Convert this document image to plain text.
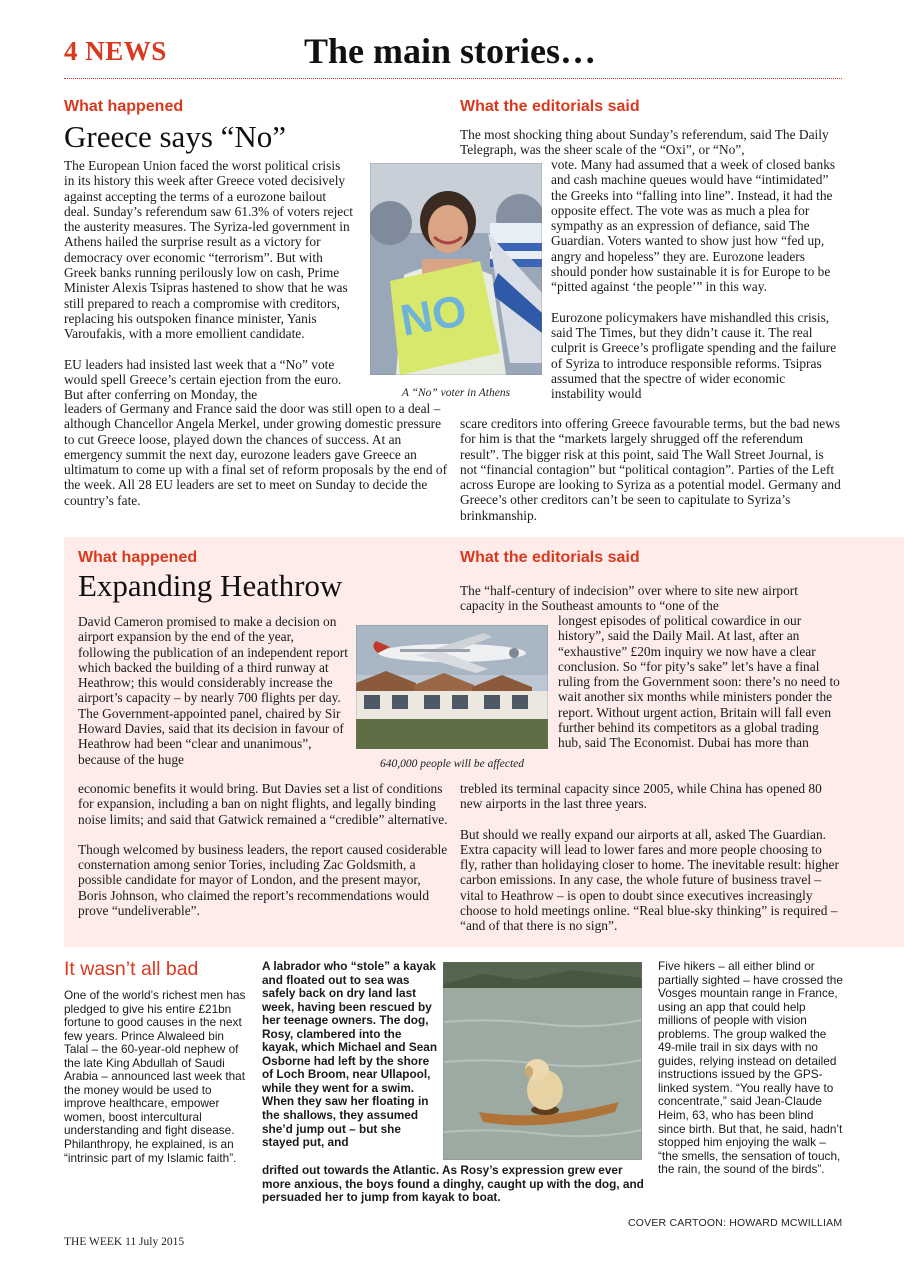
4 NEWS	The main stories…
What happened
Greece says “No”

The European Union faced the worst political crisis in its history this week after Greece voted decisively against accepting the terms of a eurozone bailout deal. Sunday’s referendum saw 61.3% of voters reject the austerity measures. The Syriza-led government in Athens hailed the surprise result as a victory for democracy over economic “terrorism”. But with Greek banks running perilously low on cash, Prime Minister Alexis Tsipras hastened to show that he was still prepared to reach a compromise with creditors, replacing his outspoken finance minister, Yanis Varoufakis, with a more emollient candidate.

EU leaders had insisted last week that a “No” vote would spell Greece’s certain ejection from the euro. But after conferring on Monday, the

leaders of Germany and France said the door was still open to a deal – although Chancellor Angela Merkel, under growing domestic pressure to cut Greece loose, played down the chances of success. At an emergency summit the next day, eurozone leaders gave Greece an ultimatum to come up with a final set of reform proposals by the end of the week. All 28 EU leaders are set to meet on Sunday to decide the country’s fate.
NO
A “No” voter in Athens
What the editorials said
The most shocking thing about Sunday’s referendum, said The Daily Telegraph, was the sheer scale of the “Oxi”, or “No”,

vote. Many had assumed that a week of closed banks and cash machine queues would have “intimidated” the Greeks into “falling into line”. Instead, it had the opposite effect. The vote was as much a plea for sympathy as an expression of defiance, said The Guardian. Voters wanted to show just how “fed up, angry and hopeless” they are. Eurozone leaders should ponder how sustainable it is for Europe to be “pitted against ‘the people’” in this way.

Eurozone policymakers have mishandled this crisis, said The Times, but they didn’t cause it. The real culprit is Greece’s profligate spending and the failure of Syriza to introduce responsible reforms. Tsipras assumed that the spectre of wider economic instability would

scare creditors into offering Greece favourable terms, but the bad news for him is that the “markets largely shrugged off the referendum result”. The bigger risk at this point, said The Wall Street Journal, is not “financial contagion” but “political contagion”. Parties of the Left across Europe are looking to Syriza as a potential model. Germany and Greece’s other creditors can’t be seen to capitulate to Syriza’s brinkmanship.
What happened
Expanding Heathrow
David Cameron promised to make a decision on airport expansion by the end of the year, following the publication of an independent report which backed the building of a third runway at Heathrow; this would considerably increase the airport’s capacity – by nearly 700 flights per day. The Government-appointed panel, chaired by Sir Howard Davies, said that its decision in favour of Heathrow had been “clear and unanimous”, because of the huge

economic benefits it would bring. But Davies set a list of conditions for expansion, including a ban on night flights, and legally binding noise limits; and said that Gatwick remained a “credible” alternative.

Though welcomed by business leaders, the report caused cosiderable consternation among senior Tories, including Zac Goldsmith, a possible candidate for mayor of London, and the present mayor, Boris Johnson, who claimed the report’s recommendations would prove “undeliverable”.

640,000 people will be affected
What the editorials said
The “half-century of indecision” over where to site new airport capacity in the Southeast amounts to “one of the
longest episodes of political cowardice in our history”, said the Daily Mail. At last, after an “exhaustive” £20m inquiry we now have a clear conclusion. So “for pity’s sake” let’s have a final ruling from the Government soon: there’s no need to wait another six months while ministers ponder the report. Without urgent action, Britain will fall even further behind its competitors as a global trading hub, said The Economist. Dubai has more than

trebled its terminal capacity since 2005, while China has opened 80 new airports in the last three years.

But should we really expand our airports at all, asked The Guardian. Extra capacity will lead to lower fares and more people choosing to fly, rather than holidaying closer to home. The inevitable result: higher carbon emissions. In any case, the whole future of business travel – vital to Heathrow – is open to doubt since executives increasingly choose to hold meetings online. “Real blue-sky thinking” is required – “and of that there is no sign”.

It wasn’t all bad
One of the world’s richest men has pledged to give his entire £21bn fortune to good causes in the next few years. Prince Alwaleed bin Talal – the 60-year-old nephew of the late King Abdullah of Saudi Arabia – announced last week that the money would be used to improve healthcare, empower women, boost intercultural understanding and fight disease. Philanthropy, he explained, is an “intrinsic part of my Islamic faith”.
A labrador who “stole” a kayak and floated out to sea was safely back on dry land last week, having been rescued by her teenage owners. The dog, Rosy, clambered into the kayak, which Michael and Sean Osborne had left by the shore of Loch Broom, near Ullapool, while they went for a swim. When they saw her floating in the shallows, they assumed she’d jump out – but she stayed put, and
drifted out towards the Atlantic. As Rosy’s expression grew ever more anxious, the boys found a dinghy, caught up with the dog, and persuaded her to jump from kayak to boat.
Five hikers – all either blind or partially sighted – have crossed the Vosges mountain range in France, using an app that could help millions of people with vision problems. The group walked the 49-mile trail in six days with no guides, relying instead on detailed instructions issued by the GPS-linked system. “You really have to concentrate,” said Jean-Claude Heim, 63, who has been blind since birth. But that, he said, hadn’t stopped him enjoying the walk – “the smells, the sensation of touch, the rain, the sound of the birds”.
COVER CARTOON: HOWARD MCWILLIAM
THE WEEK 11 July 2015
